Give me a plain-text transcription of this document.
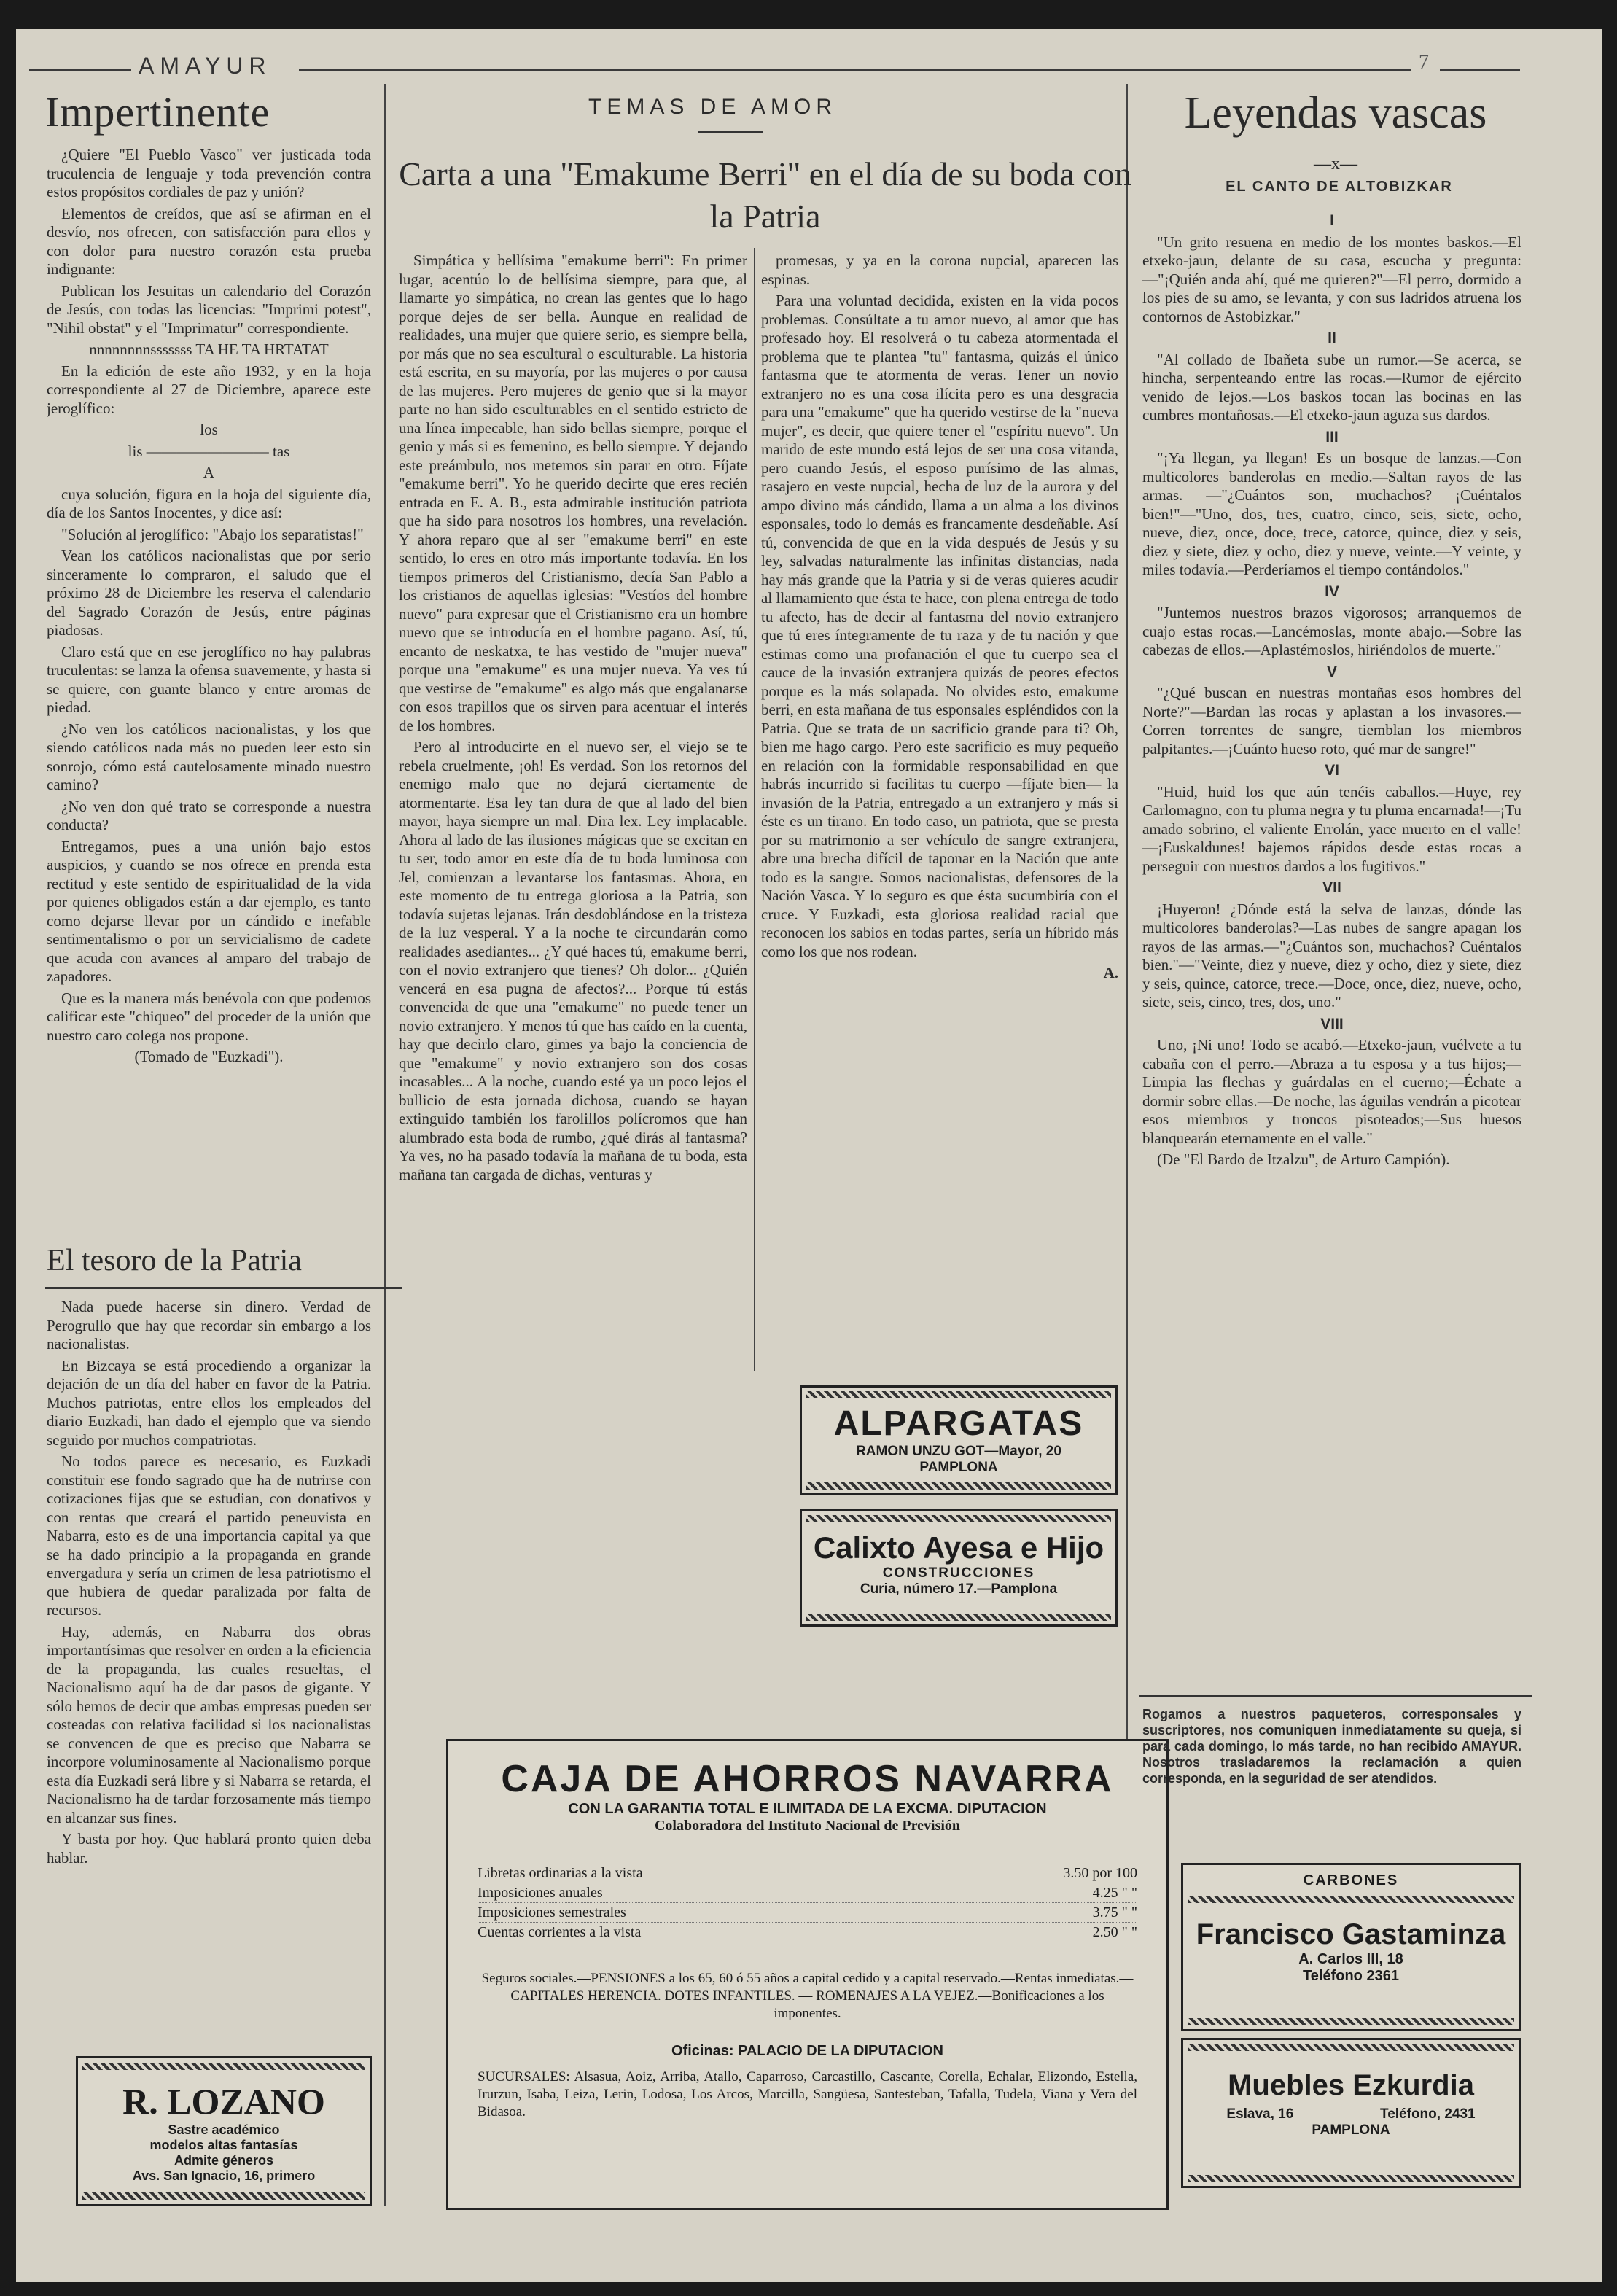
AMAYUR	7
Impertinente

¿Quiere "El Pueblo Vasco" ver justicada toda truculencia de lenguaje y toda prevención contra estos propósitos cordiales de paz y unión?

Elementos de creídos, que así se afirman en el desvío, nos ofrecen, con satisfacción para ellos y con dolor para nuestro corazón esta prueba indignante:

Publican los Jesuitas un calendario del Corazón de Jesús, con todas las licencias: "Imprimi potest", "Nihil obstat" y el "Imprimatur" correspondiente.

nnnnnnnnsssssss TA HE TA HRTATAT

En la edición de este año 1932, y en la hoja correspondiente al 27 de Diciembre, aparece este jeroglífico:

los

lis ———————— tas

A

cuya solución, figura en la hoja del siguiente día, día de los Santos Inocentes, y dice así:

"Solución al jeroglífico: "Abajo los separatistas!"

Vean los católicos nacionalistas que por serio sinceramente lo compraron, el saludo que el próximo 28 de Diciembre les reserva el calendario del Sagrado Corazón de Jesús, entre páginas piadosas.

Claro está que en ese jeroglífico no hay palabras truculentas: se lanza la ofensa suavemente, y hasta si se quiere, con guante blanco y entre aromas de piedad.

¿No ven los católicos nacionalistas, y los que siendo católicos nada más no pueden leer esto sin sonrojo, cómo está cautelosamente minado nuestro camino?

¿No ven don qué trato se corresponde a nuestra conducta?

Entregamos, pues a una unión bajo estos auspicios, y cuando se nos ofrece en prenda esta rectitud y este sentido de espiritualidad de la vida por quienes obligados están a dar ejemplo, es tanto como dejarse llevar por un cándido e inefable sentimentalismo o por un servicialismo de cadete que acuda con avances al amparo del trabajo de zapadores.

Que es la manera más benévola con que podemos calificar este "chiqueo" del proceder de la unión que nuestro caro colega nos propone.

(Tomado de "Euzkadi").

El tesoro de la Patria

Nada puede hacerse sin dinero. Verdad de Perogrullo que hay que recordar sin embargo a los nacionalistas.

En Bizcaya se está procediendo a organizar la dejación de un día del haber en favor de la Patria. Muchos patriotas, entre ellos los empleados del diario Euzkadi, han dado el ejemplo que va siendo seguido por muchos compatriotas.

No todos parece es necesario, es Euzkadi constituir ese fondo sagrado que ha de nutrirse con cotizaciones fijas que se estudian, con donativos y con rentas que creará el partido peneuvista en Nabarra, esto es de una importancia capital ya que se ha dado principio a la propaganda en grande envergadura y sería un crimen de lesa patriotismo el que hubiera de quedar paralizada por falta de recursos.

Hay, además, en Nabarra dos obras importantísimas que resolver en orden a la eficiencia de la propaganda, las cuales resueltas, el Nacionalismo aquí ha de dar pasos de gigante. Y sólo hemos de decir que ambas empresas pueden ser costeadas con relativa facilidad si los nacionalistas se convencen de que es preciso que Nabarra se incorpore voluminosamente al Nacionalismo porque esta día Euzkadi será libre y si Nabarra se retarda, el Nacionalismo ha de tardar forzosamente más tiempo en alcanzar sus fines.

Y basta por hoy. Que hablará pronto quien deba hablar.

R. LOZANO
Sastre académico
modelos altas fantasías
Admite géneros
Avs. San Ignacio, 16, primero
TEMAS DE AMOR
Carta a una "Emakume Berri" en el día de su boda con la Patria

Simpática y bellísima "emakume berri": En primer lugar, acentúo lo de bellísima siempre, para que, al llamarte yo simpática, no crean las gentes que lo hago porque dejes de ser bella. Aunque en realidad de realidades, una mujer que quiere serio, es siempre bella, por más que no sea escultural o esculturable. La historia está escrita, en su mayoría, por las mujeres o por causa de las mujeres. Pero mujeres de genio que si la mayor parte no han sido esculturables en el sentido estricto de una línea impecable, han sido bellas siempre, porque el genio y más si es femenino, es bello siempre. Y dejando este preámbulo, nos metemos sin parar en otro. Fíjate "emakume berri". Yo he querido decirte que eres recién entrada en E. A. B., esta admirable institución patriota que ha sido para nosotros los hombres, una revelación. Y ahora reparo que al ser "emakume berri" en este sentido, lo eres en otro más importante todavía. En los tiempos primeros del Cristianismo, decía San Pablo a los cristianos de aquellas iglesias: "Vestíos del hombre nuevo" para expresar que el Cristianismo era un hombre nuevo que se introducía en el hombre pagano. Así, tú, encanto de neskatxa, te has vestido de "mujer nueva" porque una "emakume" es una mujer nueva. Ya ves tú que vestirse de "emakume" es algo más que engalanarse con esos trapillos que os sirven para acentuar el interés de los hombres.

Pero al introducirte en el nuevo ser, el viejo se te rebela cruelmente, ¡oh! Es verdad. Son los retornos del enemigo malo que no dejará ciertamente de atormentarte. Esa ley tan dura de que al lado del bien mayor, haya siempre un mal. Dira lex. Ley implacable. Ahora al lado de las ilusiones mágicas que se excitan en tu ser, todo amor en este día de tu boda luminosa con Jel, comienzan a levantarse los fantasmas. Ahora, en este momento de tu entrega gloriosa a la Patria, son todavía sujetas lejanas. Irán desdoblándose en la tristeza de la luz vesperal. Y a la noche te circundarán como realidades asediantes... ¿Y qué haces tú, emakume berri, con el novio extranjero que tienes? Oh dolor... ¿Quién vencerá en esa pugna de afectos?... Porque tú estás convencida de que una "emakume" no puede tener un novio extranjero. Y menos tú que has caído en la cuenta, hay que decirlo claro, gimes ya bajo la conciencia de que "emakume" y novio extranjero son dos cosas incasables... A la noche, cuando esté ya un poco lejos el bullicio de esta jornada dichosa, cuando se hayan extinguido también los farolillos polícromos que han alumbrado esta boda de rumbo, ¿qué dirás al fantasma? Ya ves, no ha pasado todavía la mañana de tu boda, esta mañana tan cargada de dichas, venturas y

promesas, y ya en la corona nupcial, aparecen las espinas.

Para una voluntad decidida, existen en la vida pocos problemas. Consúltate a tu amor nuevo, al amor que has profesado hoy. El resolverá o tu cabeza atormentada el problema que te plantea "tu" fantasma, quizás el único fantasma que te atormenta de veras. Tener un novio extranjero no es una cosa ilícita pero es una desgracia para una "emakume" que ha querido vestirse de la "nueva mujer", es decir, que quiere tener el "espíritu nuevo". Un marido de este mundo está lejos de ser una cosa vitanda, pero cuando Jesús, el esposo purísimo de las almas, rasajero en veste nupcial, hecha de luz de la aurora y del ampo divino más cándido, llama a un alma a los divinos esponsales, todo lo demás es francamente desdeñable. Así tú, convencida de que en la vida después de Jesús y su ley, salvadas naturalmente las infinitas distancias, nada hay más grande que la Patria y si de veras quieres acudir al llamamiento que ésta te hace, con plena entrega de todo tu afecto, has de decir al fantasma del novio extranjero que tú eres íntegramente de tu raza y de tu nación y que estimas como una profanación el que tu cuerpo sea el cauce de la invasión extranjera quizás de peores efectos porque es la más solapada. No olvides esto, emakume berri, en esta mañana de tus esponsales espléndidos con la Patria. Que se trata de un sacrificio grande para ti? Oh, bien me hago cargo. Pero este sacrificio es muy pequeño en relación con la formidable responsabilidad en que habrás incurrido si facilitas tu cuerpo —fíjate bien— la invasión de la Patria, entregado a un extranjero y más si éste es un tirano. En todo caso, un patriota, que se presta por su matrimonio a ser vehículo de sangre extranjera, abre una brecha difícil de taponar en la Nación que ante todo es la sangre. Somos nacionalistas, defensores de la Nación Vasca. Y lo seguro es que ésta sucumbiría con el cruce. Y Euzkadi, esta gloriosa realidad racial que reconocen los sabios en todas partes, sería un híbrido más como los que nos rodean.

A.

ALPARGATAS
RAMON UNZU GOT—Mayor, 20
PAMPLONA
Calixto Ayesa e Hijo
CONSTRUCCIONES
Curia, número 17.—Pamplona
CAJA DE AHORROS NAVARRA
CON LA GARANTIA TOTAL E ILIMITADA DE LA EXCMA. DIPUTACION
Colaboradora del Instituto Nacional de Previsión
Libretas ordinarias a la vista	3.50 por 100
Imposiciones anuales	4.25 " "
Imposiciones semestrales	3.75 " "
Cuentas corrientes a la vista	2.50 " "
Seguros sociales.—PENSIONES a los 65, 60 ó 55 años a capital cedido y a capital reservado.—Rentas inmediatas.— CAPITALES HERENCIA. DOTES INFANTILES. — ROMENAJES A LA VEJEZ.—Bonificaciones a los imponentes.
Oficinas: PALACIO DE LA DIPUTACION
SUCURSALES: Alsasua, Aoiz, Arriba, Atallo, Caparroso, Carcastillo, Cascante, Corella, Echalar, Elizondo, Estella, Irurzun, Isaba, Leiza, Lerin, Lodosa, Los Arcos, Marcilla, Sangüesa, Santesteban, Tafalla, Tudela, Viana y Vera del Bidasoa.
Leyendas vascas
—x—
EL CANTO DE ALTOBIZKAR

I

"Un grito resuena en medio de los montes baskos.—El etxeko-jaun, delante de su casa, escucha y pregunta: —"¡Quién anda ahí, qué me quieren?"—El perro, dormido a los pies de su amo, se levanta, y con sus ladridos atruena los contornos de Astobizkar."

II

"Al collado de Ibañeta sube un rumor.—Se acerca, se hincha, serpenteando entre las rocas.—Rumor de ejército venido de lejos.—Los baskos tocan las bocinas en las cumbres montañosas.—El etxeko-jaun aguza sus dardos.

III

"¡Ya llegan, ya llegan! Es un bosque de lanzas.—Con multicolores banderolas en medio.—Saltan rayos de las armas. —"¿Cuántos son, muchachos? ¡Cuéntalos bien!"—"Uno, dos, tres, cuatro, cinco, seis, siete, ocho, nueve, diez, once, doce, trece, catorce, quince, diez y seis, diez y siete, diez y ocho, diez y nueve, veinte.—Y veinte, y miles todavía.—Perderíamos el tiempo contándolos."

IV

"Juntemos nuestros brazos vigorosos; arranquemos de cuajo estas rocas.—Lancémoslas, monte abajo.—Sobre las cabezas de ellos.—Aplastémoslos, hiriéndolos de muerte."

V

"¿Qué buscan en nuestras montañas esos hombres del Norte?"—Bardan las rocas y aplastan a los invasores.—Corren torrentes de sangre, tiemblan los miembros palpitantes.—¡Cuánto hueso roto, qué mar de sangre!"

VI

"Huid, huid los que aún tenéis caballos.—Huye, rey Carlomagno, con tu pluma negra y tu pluma encarnada!—¡Tu amado sobrino, el valiente Errolán, yace muerto en el valle!—¡Euskaldunes! bajemos rápidos desde estas rocas a perseguir con nuestros dardos a los fugitivos."

VII

¡Huyeron! ¿Dónde está la selva de lanzas, dónde las multicolores banderolas?—Las nubes de sangre apagan los rayos de las armas.—"¿Cuántos son, muchachos? Cuéntalos bien."—"Veinte, diez y nueve, diez y ocho, diez y siete, diez y seis, quince, catorce, trece.—Doce, once, diez, nueve, ocho, siete, seis, cinco, tres, dos, uno."

VIII

Uno, ¡Ni uno! Todo se acabó.—Etxeko-jaun, vuélvete a tu cabaña con el perro.—Abraza a tu esposa y a tus hijos;—Limpia las flechas y guárdalas en el cuerno;—Échate a dormir sobre ellas.—De noche, las águilas vendrán a picotear esos miembros y troncos pisoteados;—Sus huesos blanquearán eternamente en el valle."

(De "El Bardo de Itzalzu", de Arturo Campión).

Rogamos a nuestros paqueteros, corresponsales y suscriptores, nos comuniquen inmediatamente su queja, si para cada domingo, lo más tarde, no han recibido AMAYUR. Nosotros trasladaremos la reclamación a quien corresponda, en la seguridad de ser atendidos.

CARBONES
Francisco Gastaminza
A. Carlos III, 18
Teléfono 2361
Muebles Ezkurdia
Eslava, 16	Teléfono, 2431
PAMPLONA
